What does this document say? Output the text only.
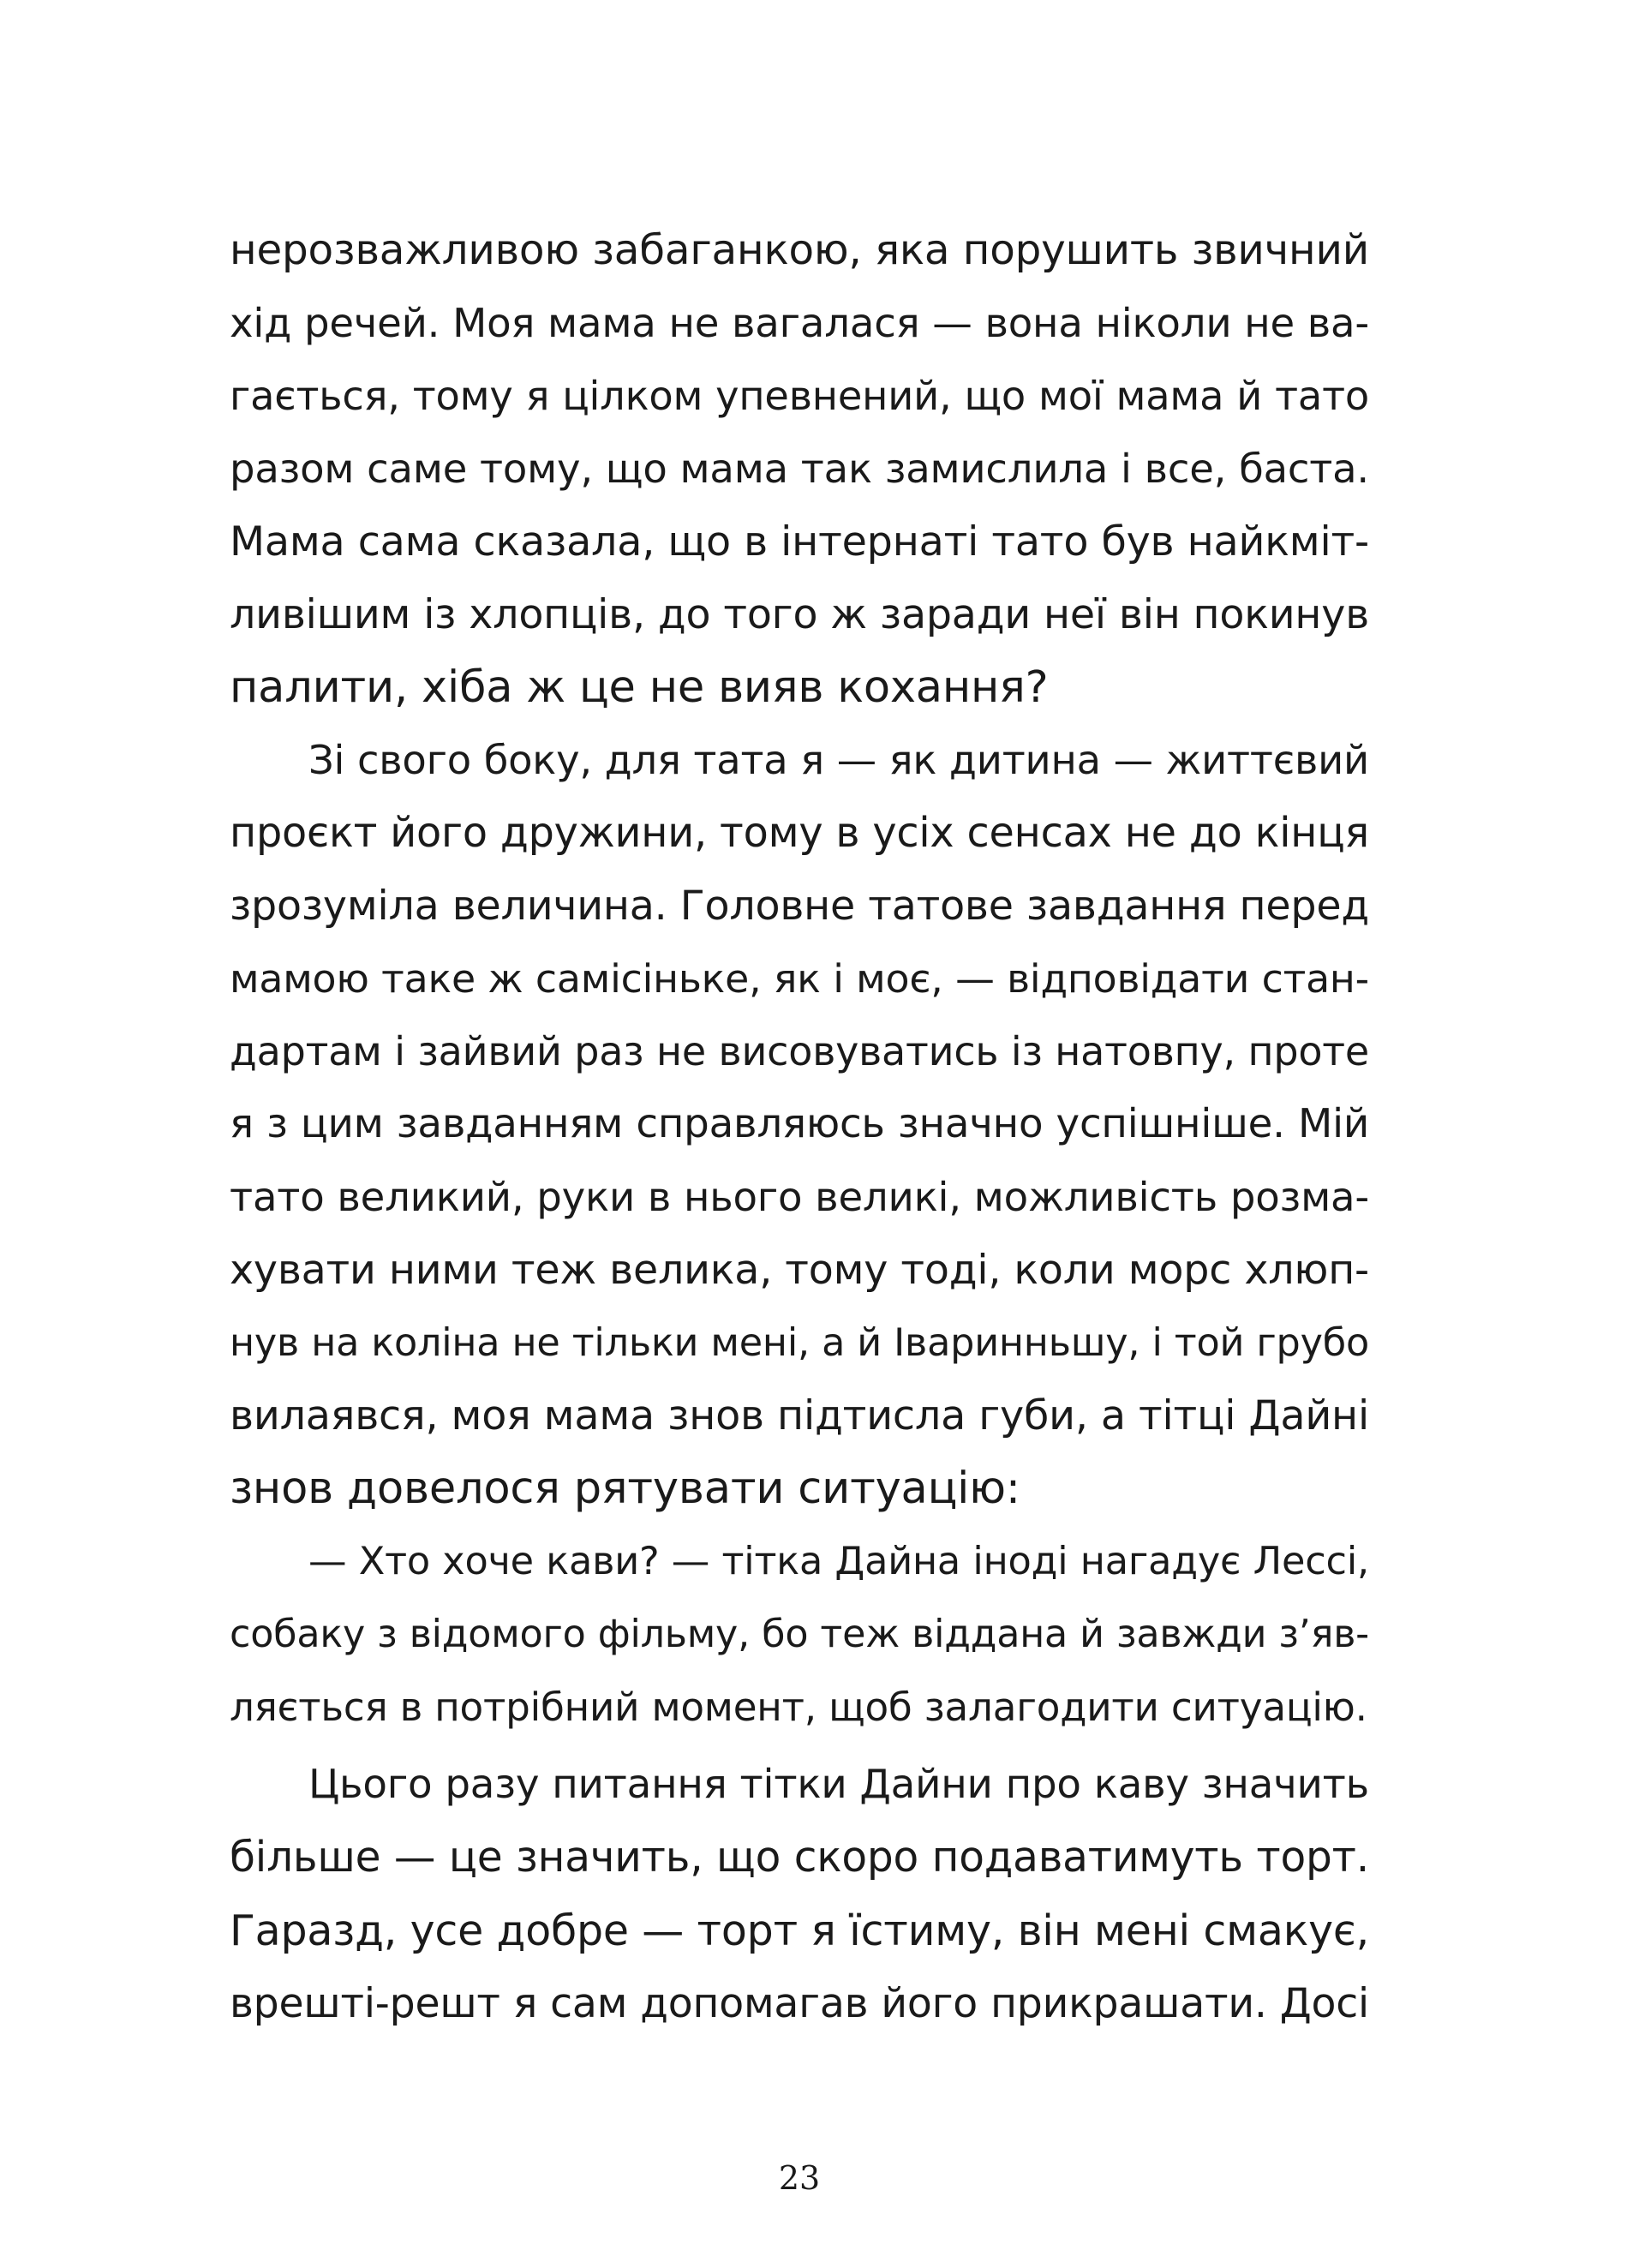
нерозважливою забаганкою, яка порушить звичний
хід речей. Моя мама не вагалася — вона ніколи не ва-
гається, тому я цілком упевнений, що мої мама й тато
разом саме тому, що мама так замислила і все, баста.
Мама сама сказала, що в інтернаті тато був найкміт-
ливішим із хлопців, до того ж заради неї він покинув
палити, хіба ж це не вияв кохання?
Зі свого боку, для тата я — як дитина — життєвий
проєкт його дружини, тому в усіх сенсах не до кінця
зрозуміла величина. Головне татове завдання перед
мамою таке ж самісіньке, як і моє, — відповідати стан-
дартам і зайвий раз не висовуватись із натовпу, проте
я з цим завданням справляюсь значно успішніше. Мій
тато великий, руки в нього великі, можливість розма-
хувати ними теж велика, тому тоді, коли морс хлюп-
нув на коліна не тільки мені, а й Іваринньшу, і той грубо
вилаявся, моя мама знов підтисла губи, а тітці Дайні
знов довелося рятувати ситуацію:
— Хто хоче кави? — тітка Дайна іноді нагадує Лессі,
собаку з відомого фільму, бо теж віддана й завжди з’яв-
ляється в потрібний момент, щоб залагодити ситуацію.
Цього разу питання тітки Дайни про каву значить
більше — це значить, що скоро подаватимуть торт.
Гаразд, усе добре — торт я їстиму, він мені смакує,
врешті-решт я сам допомагав його прикрашати. Досі
23
